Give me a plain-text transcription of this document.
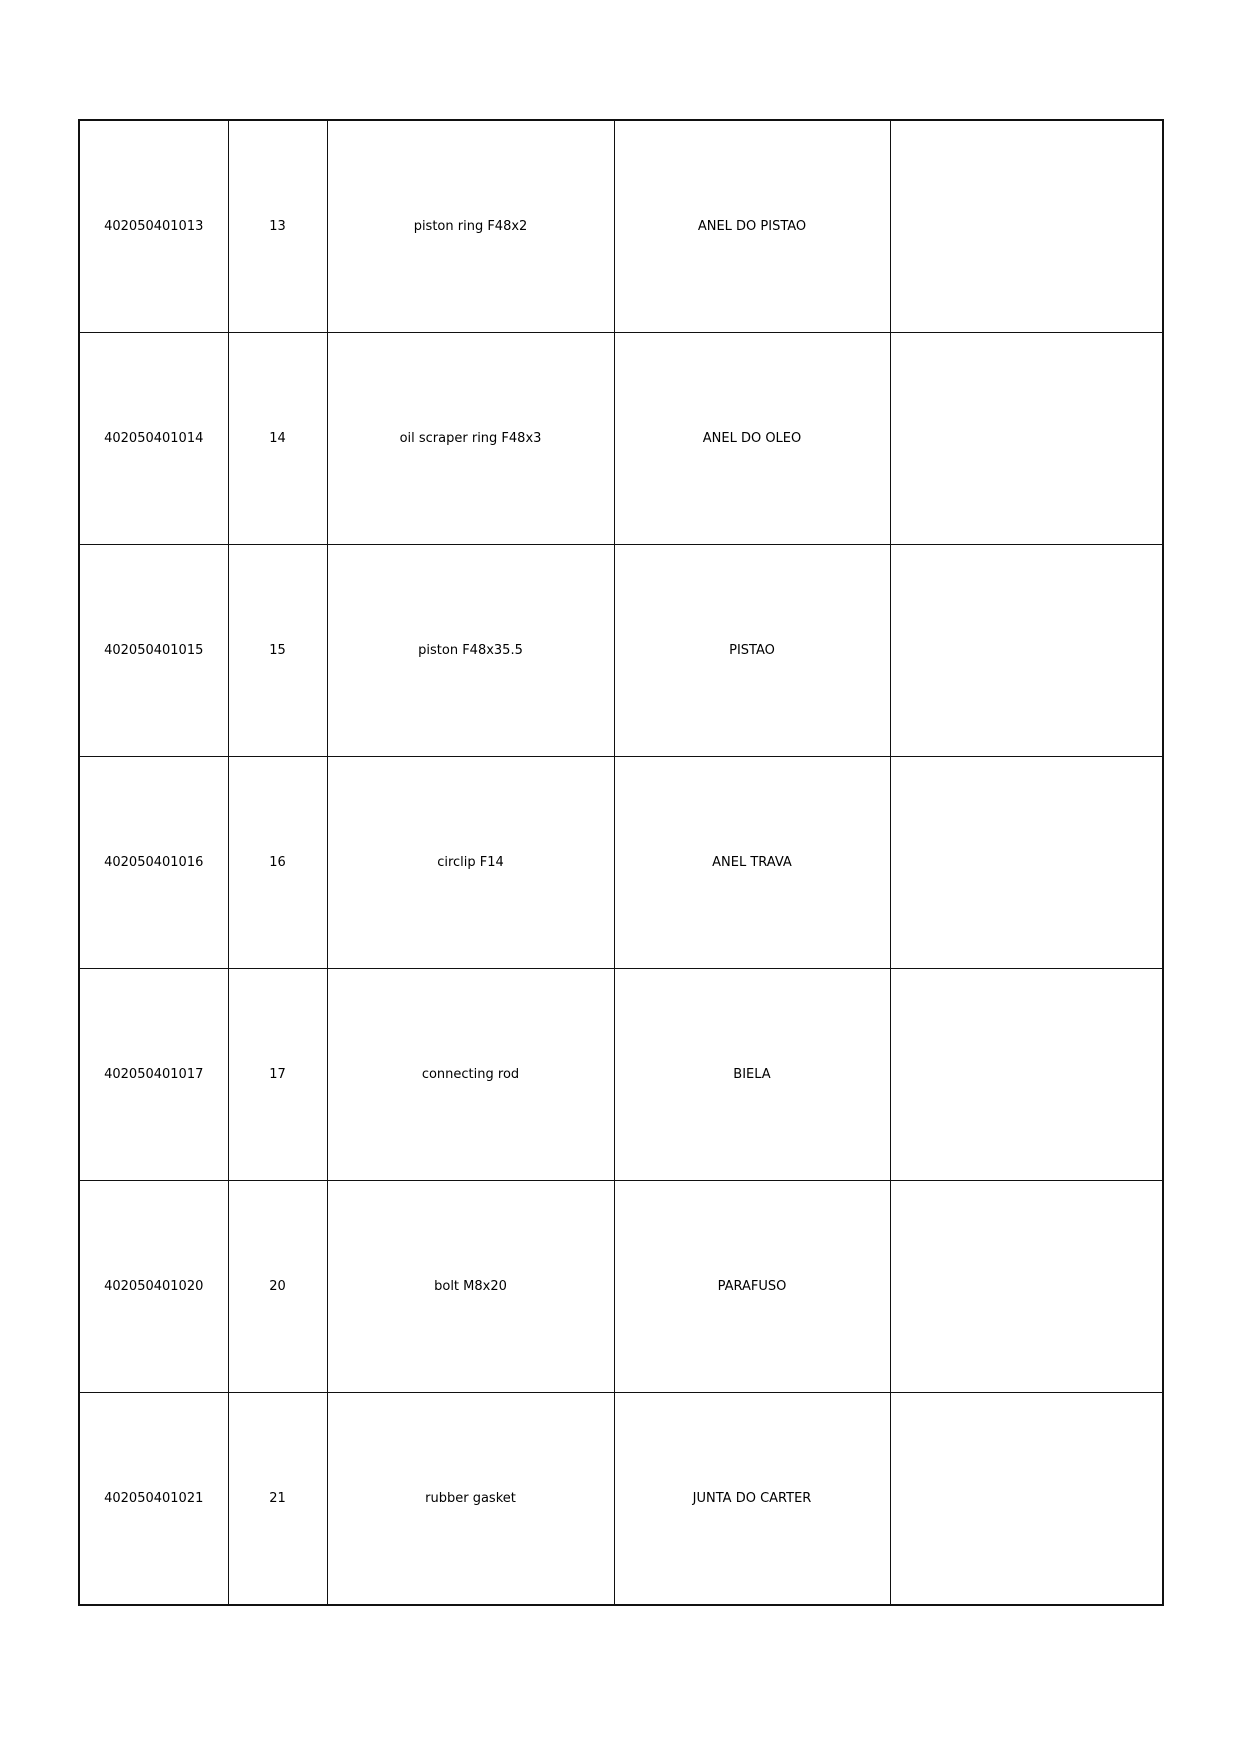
402050401013	13	piston ring F48x2	ANEL DO PISTAO	
402050401014	14	oil scraper ring F48x3	ANEL DO OLEO	
402050401015	15	piston F48x35.5	PISTAO	
402050401016	16	circlip F14	ANEL TRAVA	
402050401017	17	connecting rod	BIELA	
402050401020	20	bolt M8x20	PARAFUSO	
402050401021	21	rubber gasket	JUNTA DO CARTER	
